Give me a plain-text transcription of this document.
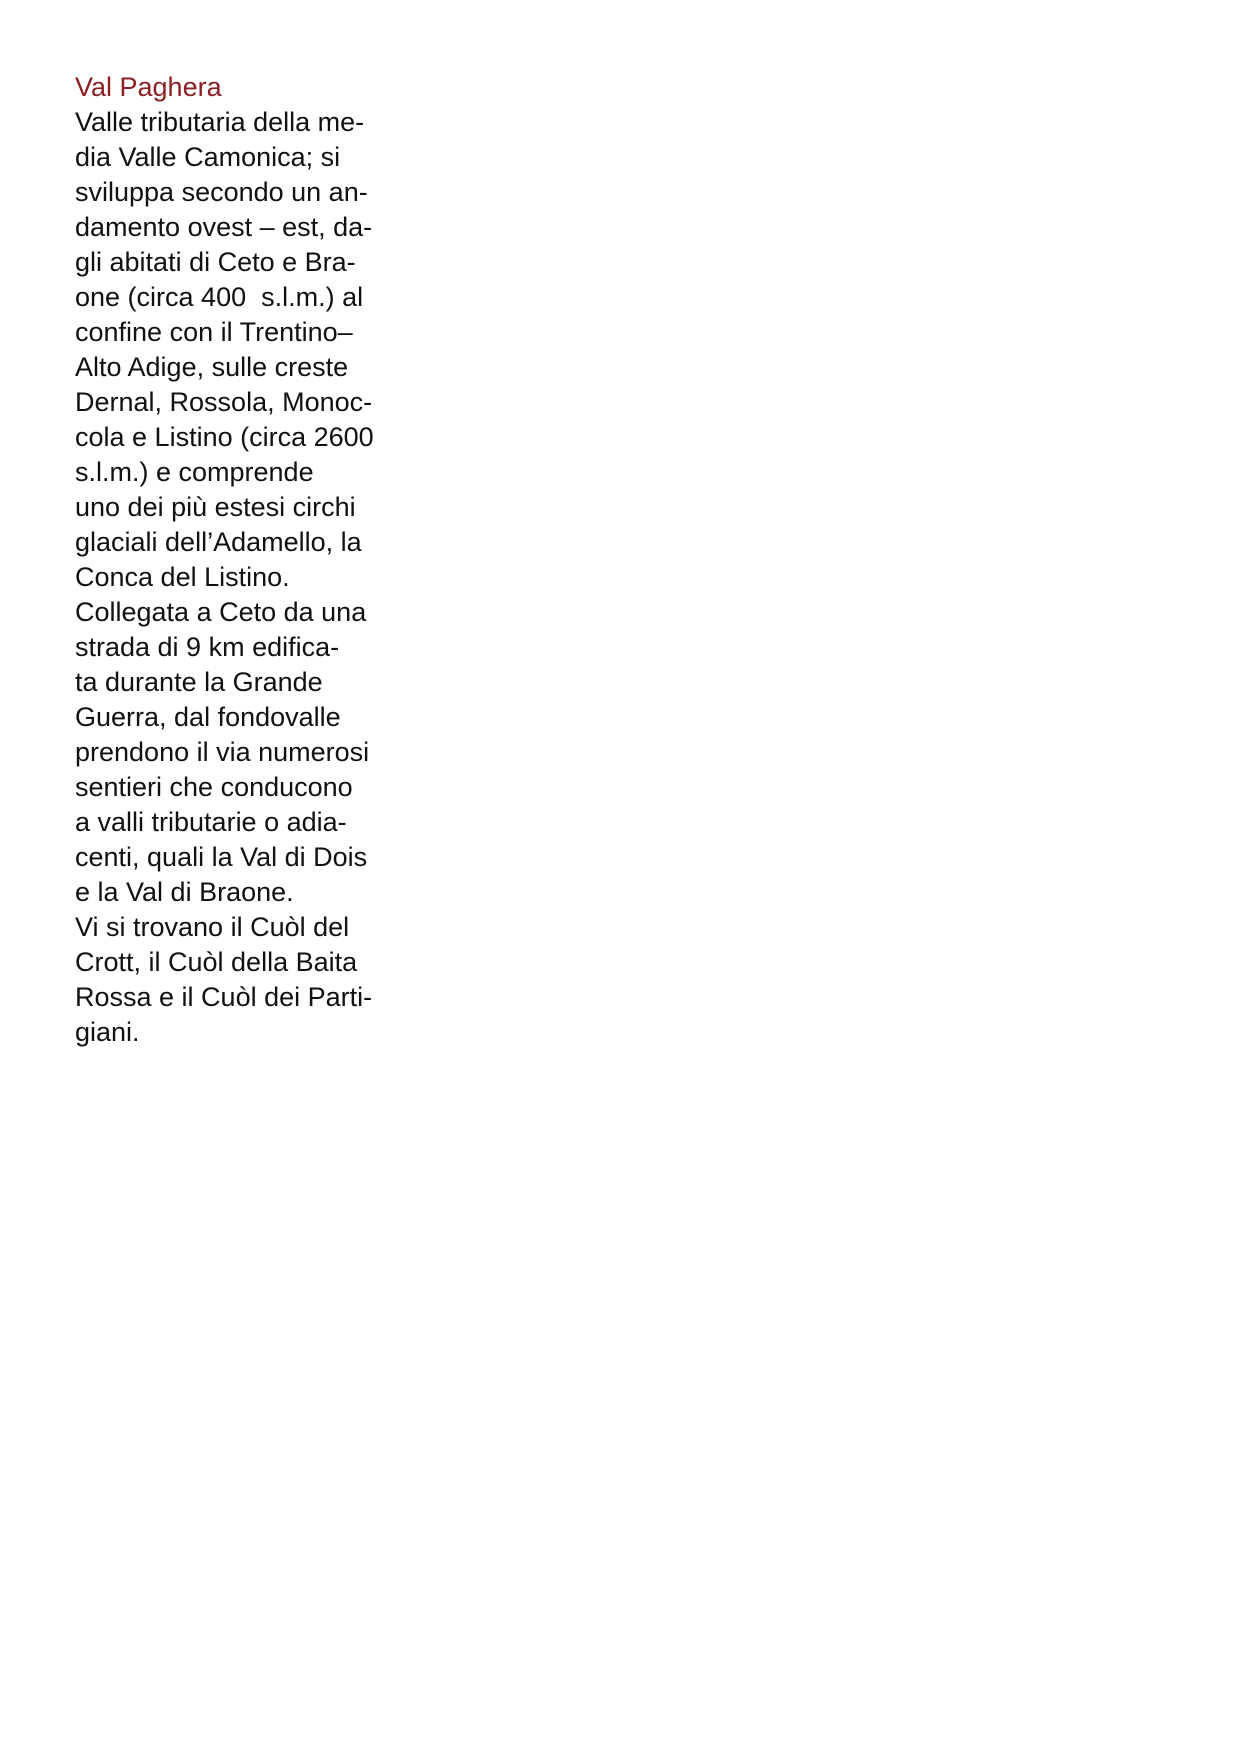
Val Paghera

Valle tributaria della me-
dia Valle Camonica; si
sviluppa secondo un an-
damento ovest – est, da-
gli abitati di Ceto e Bra-
one (circa 400  s.l.m.) al
confine con il Trentino–
Alto Adige, sulle creste
Dernal, Rossola, Monoc-
cola e Listino (circa 2600
s.l.m.) e comprende
uno dei più estesi circhi
glaciali dell’Adamello, la
Conca del Listino.
Collegata a Ceto da una
strada di 9 km edifica-
ta durante la Grande
Guerra, dal fondovalle
prendono il via numerosi
sentieri che conducono
a valli tributarie o adia-
centi, quali la Val di Dois
e la Val di Braone.
Vi si trovano il Cuòl del
Crott, il Cuòl della Baita
Rossa e il Cuòl dei Parti-
giani.
